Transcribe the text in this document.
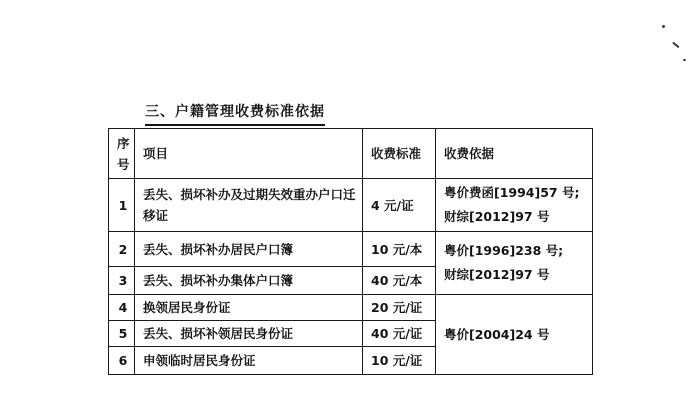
三、户籍管理收费标准依据
序号	项目	收费标准	收费依据
1	丢失、损坏补办及过期失效重办户口迁移证	4 元/证	粤价费函[1994]57 号;
财综[2012]97 号

2	丢失、损坏补办居民户口簿	10 元/本	粤价[1996]238 号;
财综[2012]97 号

3	丢失、损坏补办集体户口簿	40 元/本	
4	换领居民身份证	20 元/证	粤价[2004]24 号

5	丢失、损坏补领居民身份证	40 元/证	
6	申领临时居民身份证	10 元/证	
